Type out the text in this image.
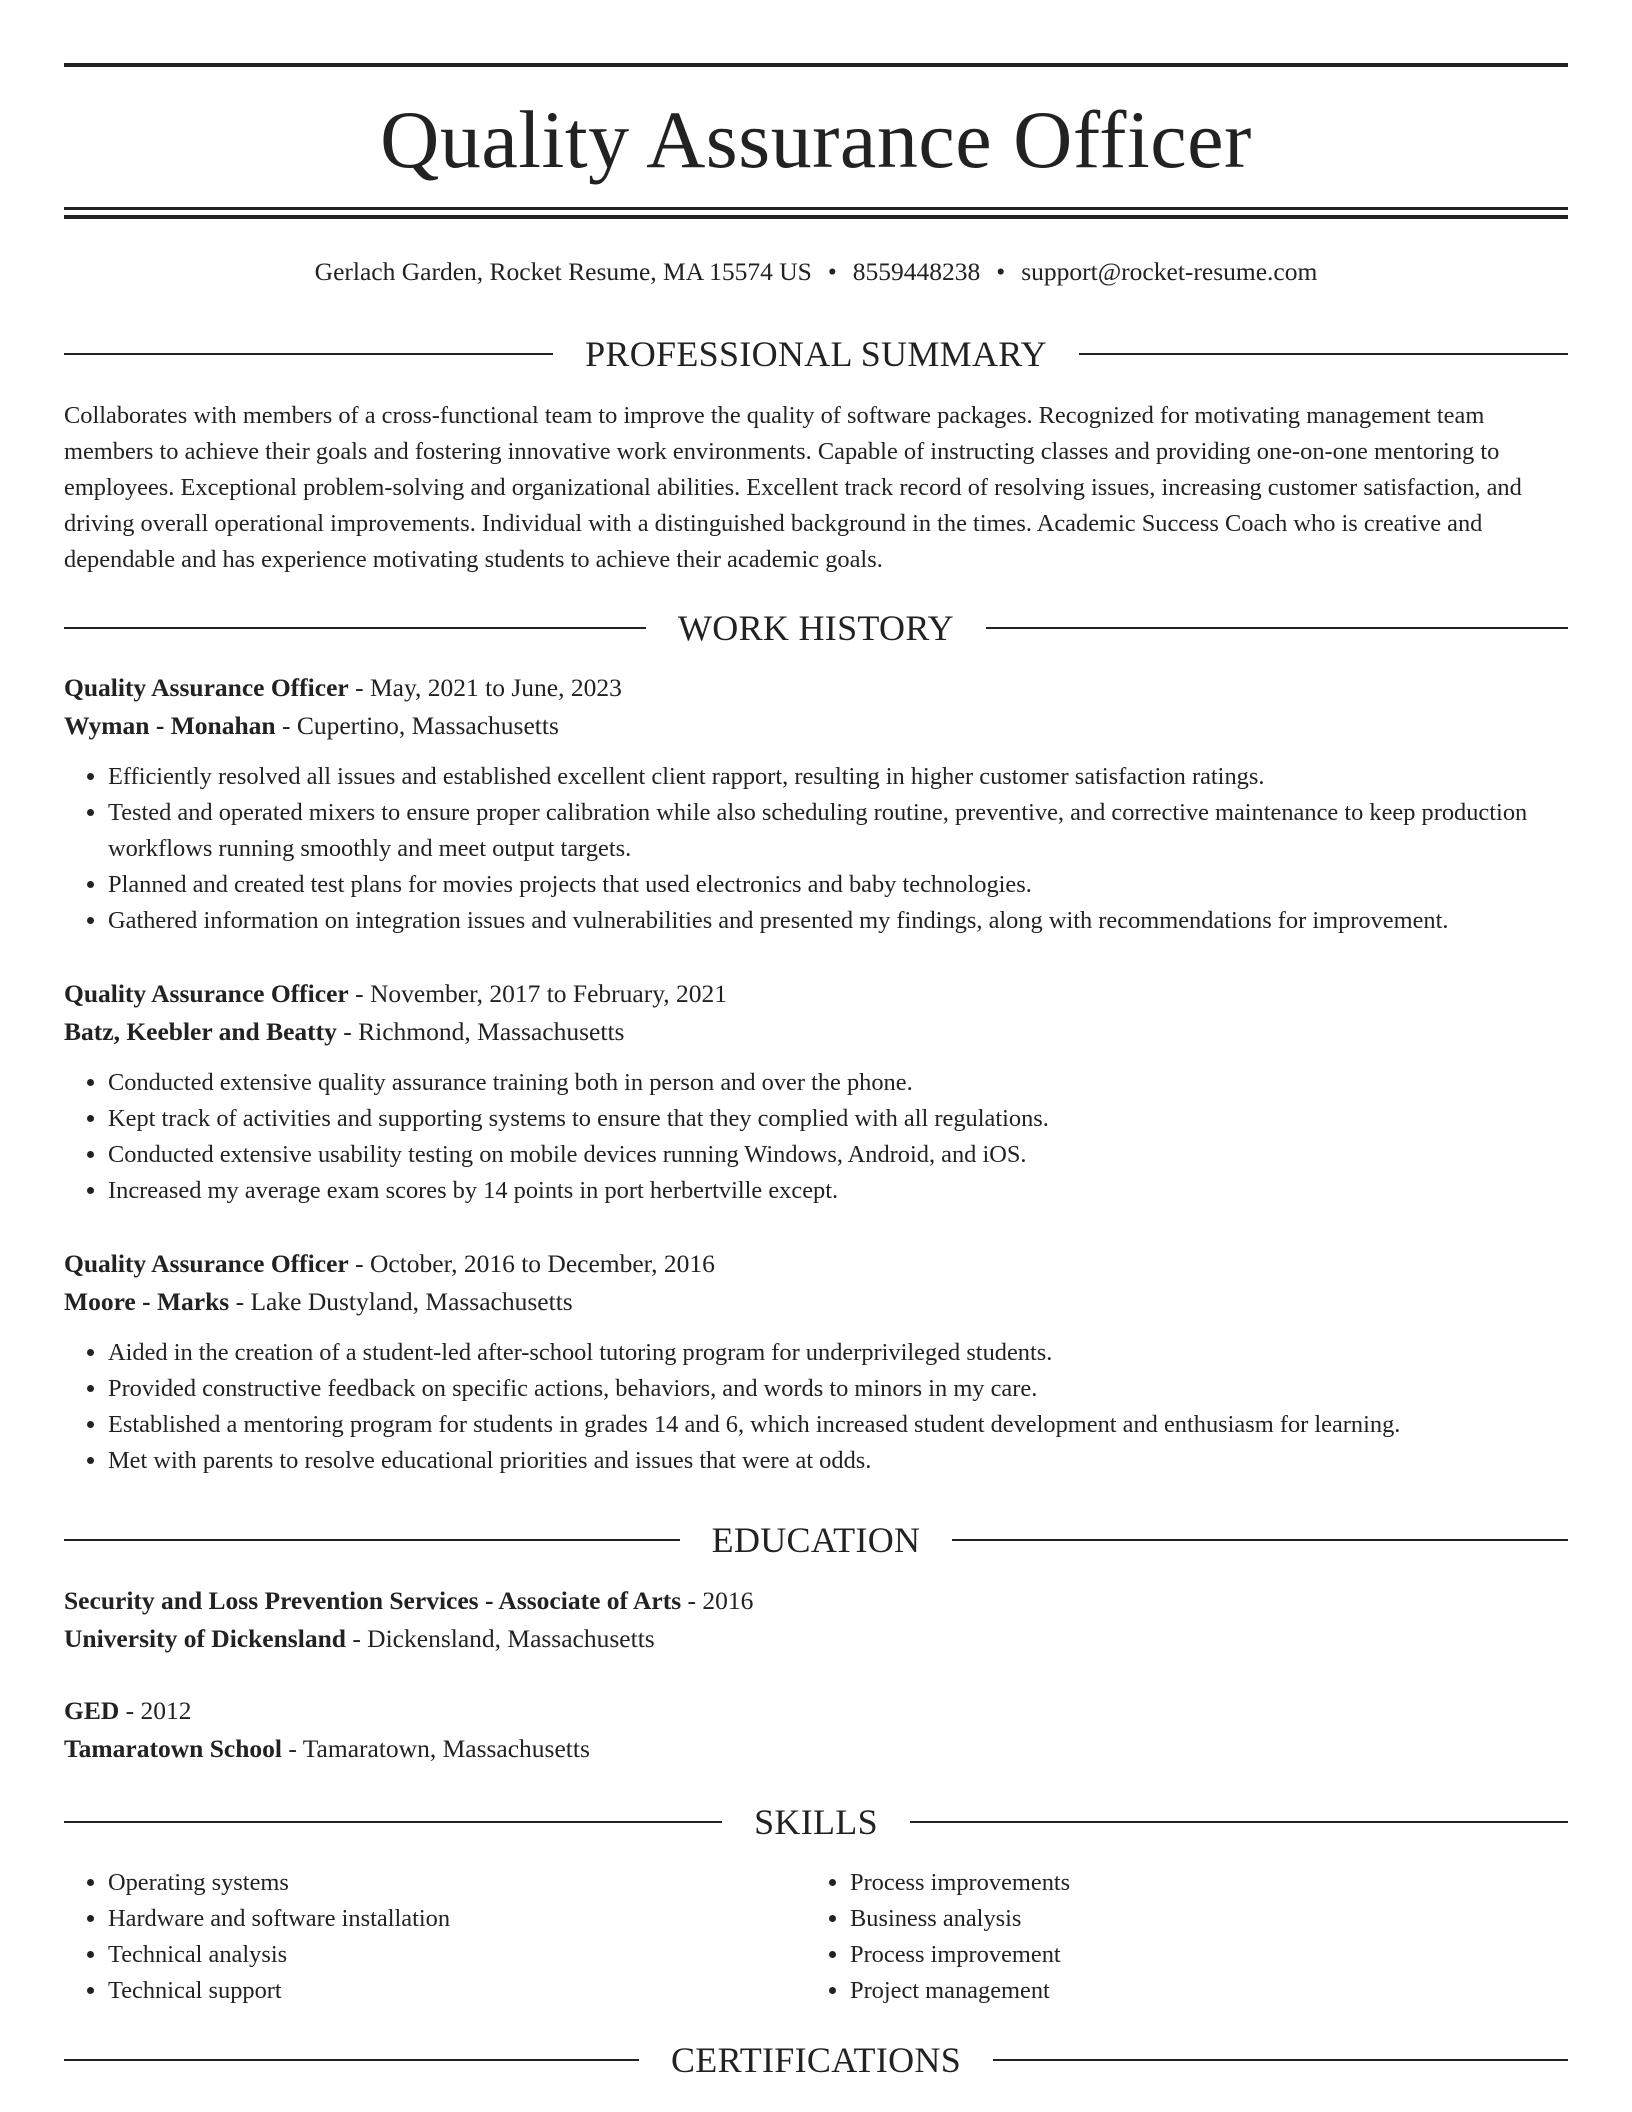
Quality Assurance Officer
Gerlach Garden, Rocket Resume, MA 15574 US • 8559448238 • support@rocket-resume.com
PROFESSIONAL SUMMARY
Collaborates with members of a cross-functional team to improve the quality of software packages. Recognized for motivating management team members to achieve their goals and fostering innovative work environments. Capable of instructing classes and providing one-on-one mentoring to employees. Exceptional problem-solving and organizational abilities. Excellent track record of resolving issues, increasing customer satisfaction, and driving overall operational improvements. Individual with a distinguished background in the times. Academic Success Coach who is creative and dependable and has experience motivating students to achieve their academic goals.
WORK HISTORY
Quality Assurance Officer - May, 2021 to June, 2023
Wyman - Monahan - Cupertino, Massachusetts
• Efficiently resolved all issues and established excellent client rapport, resulting in higher customer satisfaction ratings.
• Tested and operated mixers to ensure proper calibration while also scheduling routine, preventive, and corrective maintenance to keep production workflows running smoothly and meet output targets.
• Planned and created test plans for movies projects that used electronics and baby technologies.
• Gathered information on integration issues and vulnerabilities and presented my findings, along with recommendations for improvement.
Quality Assurance Officer - November, 2017 to February, 2021
Batz, Keebler and Beatty - Richmond, Massachusetts
• Conducted extensive quality assurance training both in person and over the phone.
• Kept track of activities and supporting systems to ensure that they complied with all regulations.
• Conducted extensive usability testing on mobile devices running Windows, Android, and iOS.
• Increased my average exam scores by 14 points in port herbertville except.
Quality Assurance Officer - October, 2016 to December, 2016
Moore - Marks - Lake Dustyland, Massachusetts
• Aided in the creation of a student-led after-school tutoring program for underprivileged students.
• Provided constructive feedback on specific actions, behaviors, and words to minors in my care.
• Established a mentoring program for students in grades 14 and 6, which increased student development and enthusiasm for learning.
• Met with parents to resolve educational priorities and issues that were at odds.
EDUCATION
Security and Loss Prevention Services - Associate of Arts - 2016
University of Dickensland - Dickensland, Massachusetts
GED - 2012
Tamaratown School - Tamaratown, Massachusetts
SKILLS
• Operating systems
• Hardware and software installation
• Technical analysis
• Technical support
• Process improvements
• Business analysis
• Process improvement
• Project management
CERTIFICATIONS
